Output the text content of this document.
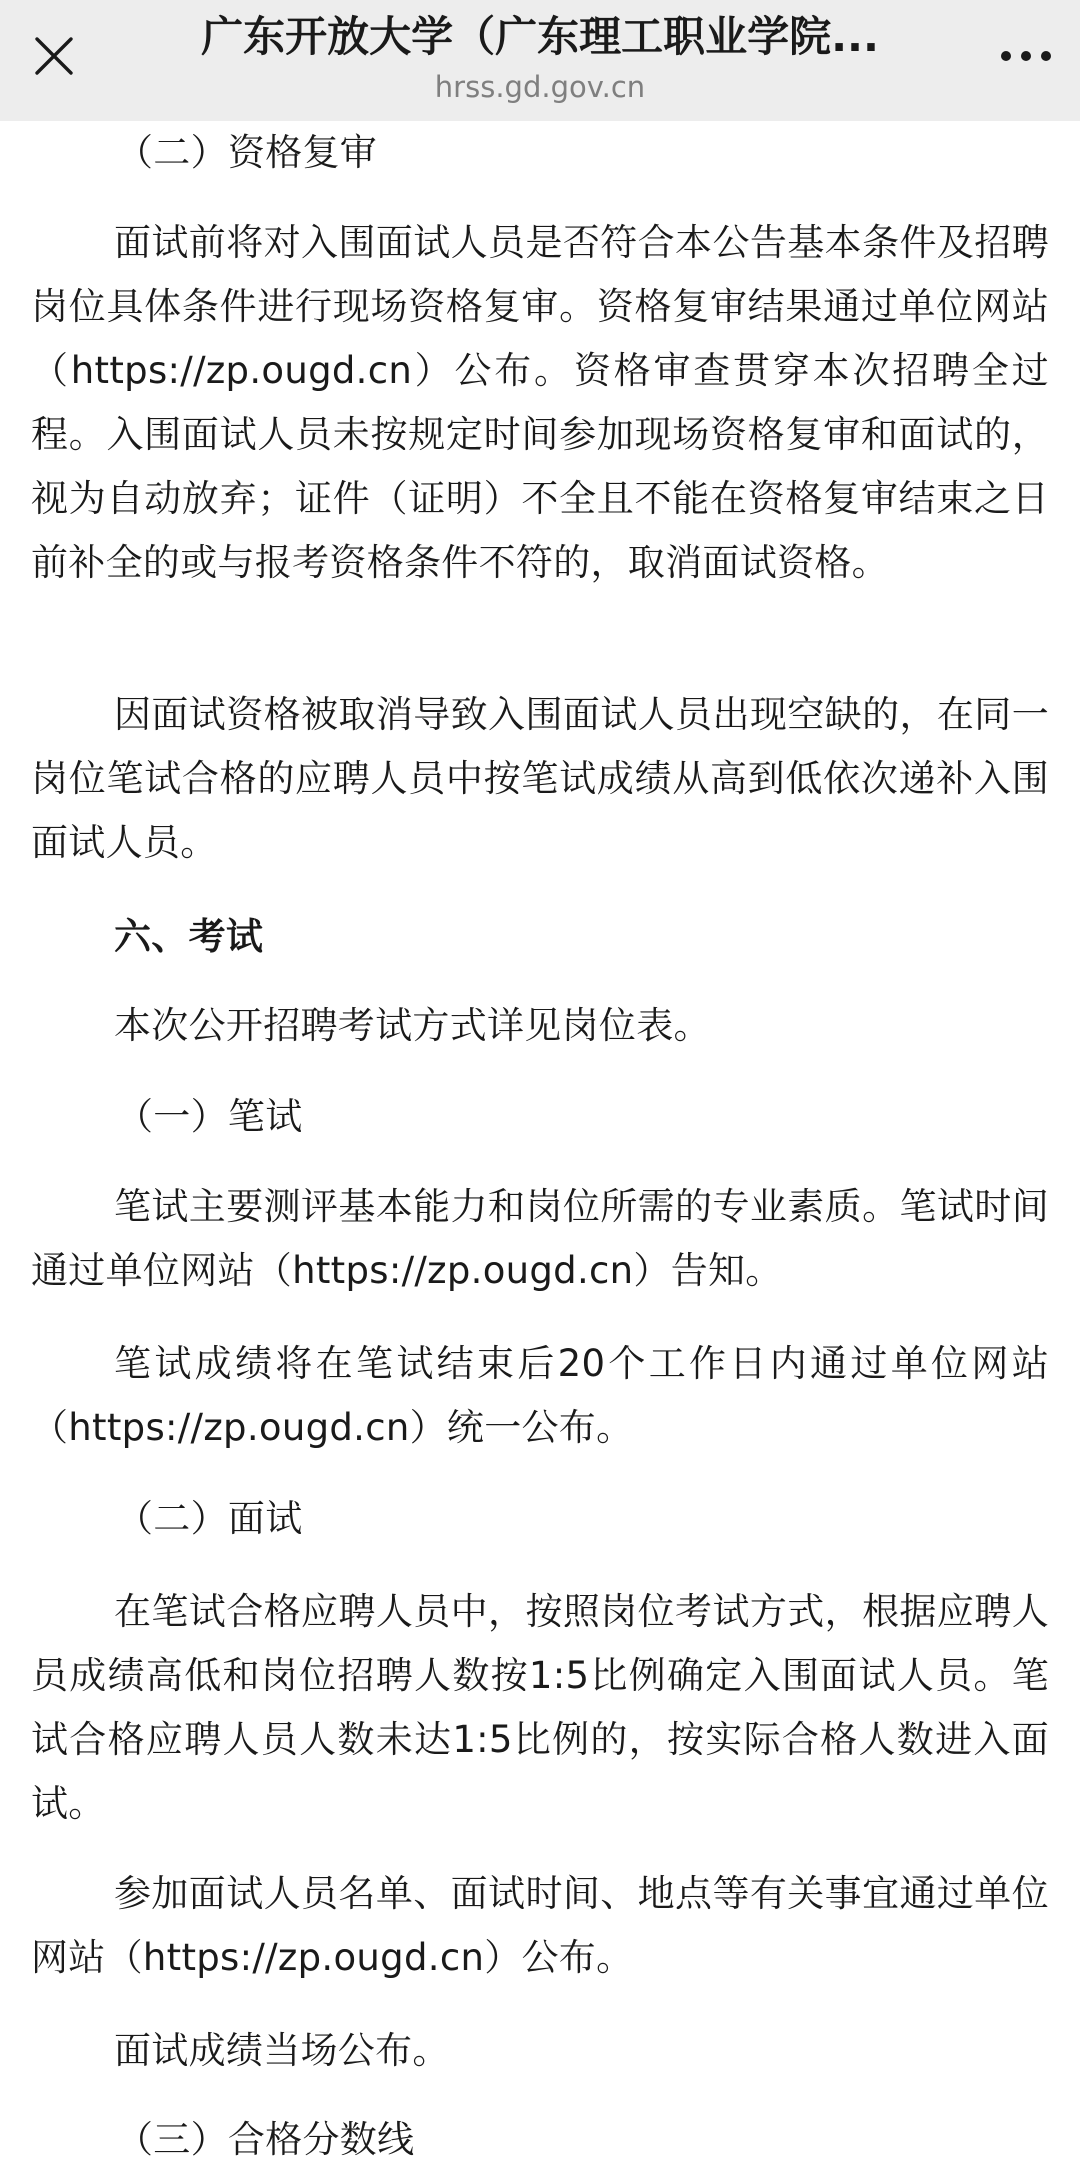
广东开放大学（广东理工职业学院...
hrss.gd.gov.cn

（二）资格复审

面试前将对入围面试人员是否符合本公告基本条件及招聘岗位具体条件进行现场资格复审。资格复审结果通过单位网站（https://zp.ougd.cn）公布。资格审查贯穿本次招聘全过程。入围面试人员未按规定时间参加现场资格复审和面试的，视为自动放弃；证件（证明）不全且不能在资格复审结束之日前补全的或与报考资格条件不符的，取消面试资格。

因面试资格被取消导致入围面试人员出现空缺的，在同一岗位笔试合格的应聘人员中按笔试成绩从高到低依次递补入围面试人员。

六、考试

本次公开招聘考试方式详见岗位表。

（一）笔试

笔试主要测评基本能力和岗位所需的专业素质。笔试时间通过单位网站（https://zp.ougd.cn）告知。

笔试成绩将在笔试结束后20个工作日内通过单位网站（https://zp.ougd.cn）统一公布。

（二）面试

在笔试合格应聘人员中，按照岗位考试方式，根据应聘人员成绩高低和岗位招聘人数按1:5比例确定入围面试人员。笔试合格应聘人员人数未达1:5比例的，按实际合格人数进入面试。

参加面试人员名单、面试时间、地点等有关事宜通过单位网站（https://zp.ougd.cn）公布。

面试成绩当场公布。

（三）合格分数线
